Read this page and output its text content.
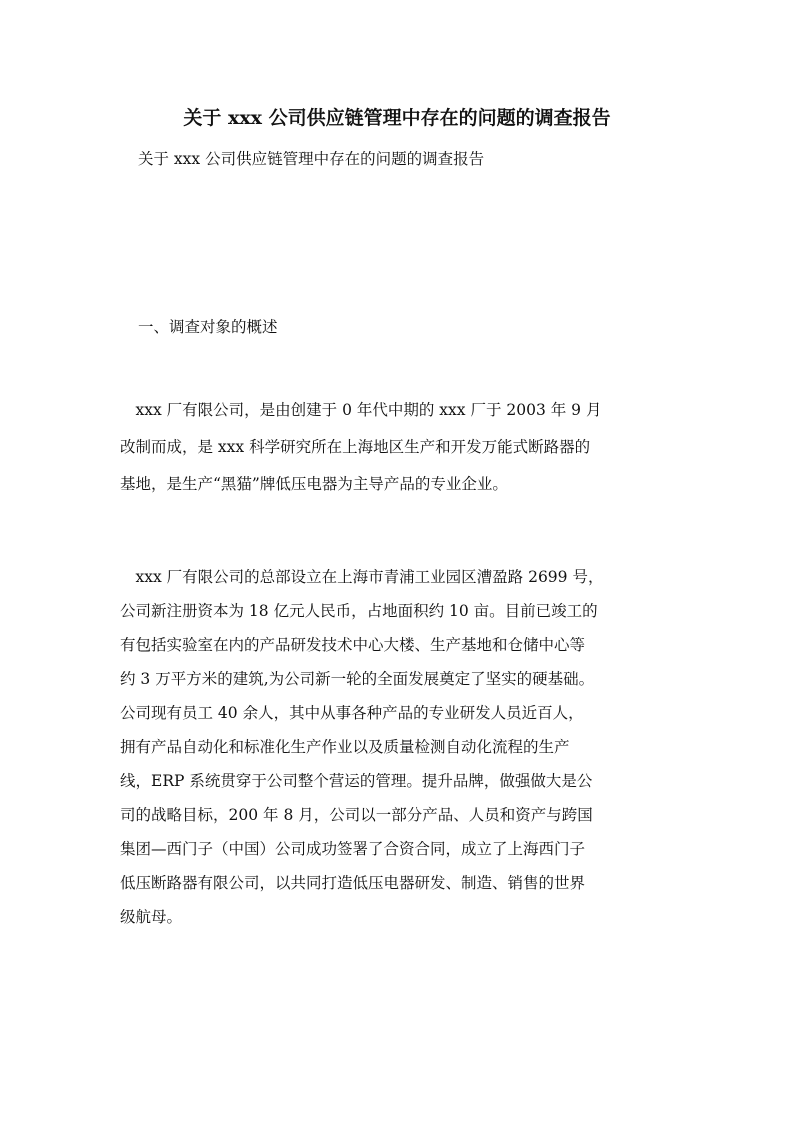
关于 xxx 公司供应链管理中存在的问题的调查报告
关于 xxx 公司供应链管理中存在的问题的调查报告
一、调查对象的概述
　xxx 厂有限公司，是由创建于 0 年代中期的 xxx 厂于 2003 年 9 月
改制而成，是 xxx 科学研究所在上海地区生产和开发万能式断路器的
基地，是生产“黑猫”牌低压电器为主导产品的专业企业。
　xxx 厂有限公司的总部设立在上海市青浦工业园区漕盈路 2699 号，
公司新注册资本为 18 亿元人民币，占地面积约 10 亩。目前已竣工的
有包括实验室在内的产品研发技术中心大楼、生产基地和仓储中心等
约 3 万平方米的建筑,为公司新一轮的全面发展奠定了坚实的硬基础。
公司现有员工 40 余人，其中从事各种产品的专业研发人员近百人，
拥有产品自动化和标准化生产作业以及质量检测自动化流程的生产
线，ERP 系统贯穿于公司整个营运的管理。提升品牌，做强做大是公
司的战略目标，200 年 8 月，公司以一部分产品、人员和资产与跨国
集团—西门子（中国）公司成功签署了合资合同，成立了上海西门子
低压断路器有限公司，以共同打造低压电器研发、制造、销售的世界
级航母。
